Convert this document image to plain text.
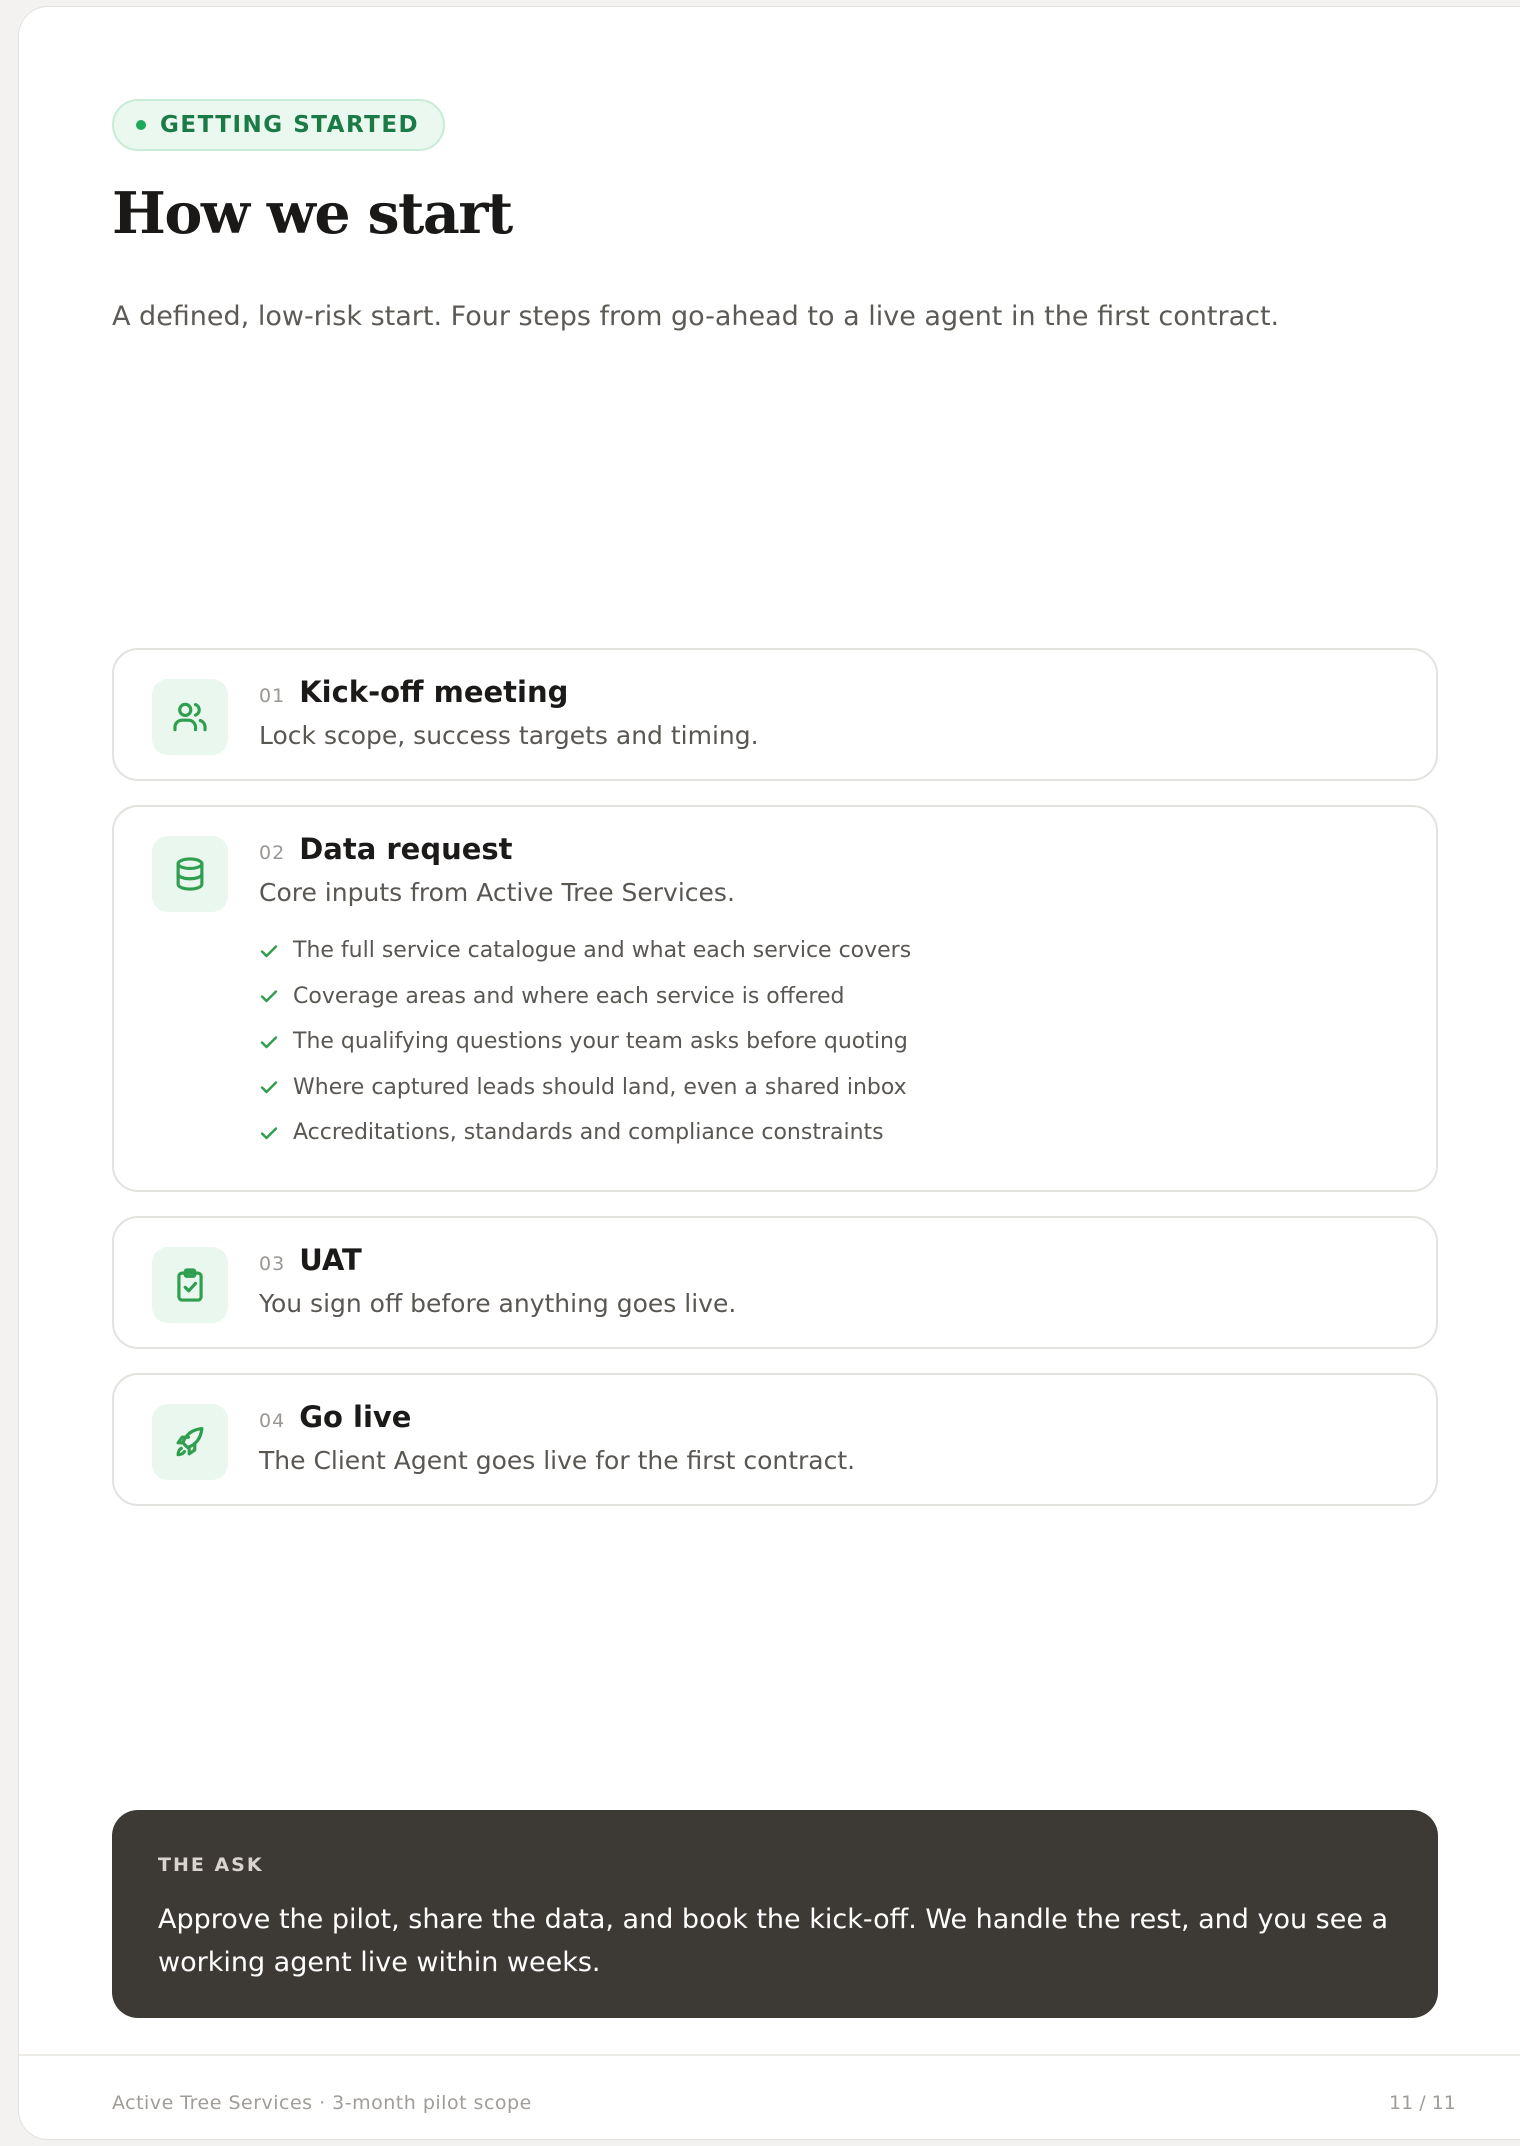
GETTING STARTED
How we start

A defined, low-risk start. Four steps from go-ahead to a live agent in the first contract.

01 Kick-off meeting
Lock scope, success targets and timing.
02 Data request
Core inputs from Active Tree Services.
The full service catalogue and what each service covers
Coverage areas and where each service is offered
The qualifying questions your team asks before quoting
Where captured leads should land, even a shared inbox
Accreditations, standards and compliance constraints
03 UAT
You sign off before anything goes live.
04 Go live
The Client Agent goes live for the first contract.
THE ASK
Approve the pilot, share the data, and book the kick-off. We handle the rest, and you see a working agent live within weeks.
Active Tree Services · 3-month pilot scope	11 / 11
